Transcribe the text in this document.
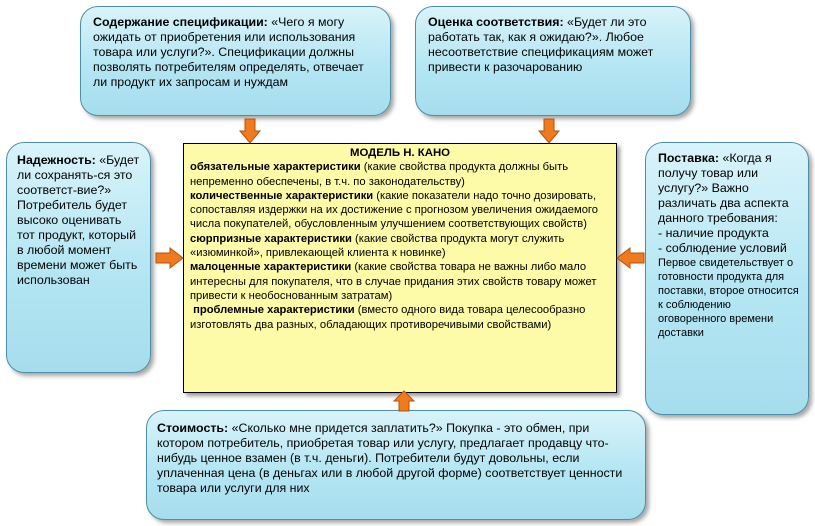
Содержание спецификации: «Чего я могу ожидать от приобретения или использования товара или услуги?». Спецификации должны позволять потребителям определять, отвечает ли продукт их запросам и нуждам
Оценка соответствия: «Будет ли это работать так, как я ожидаю?». Любое несоответствие спецификациям может привести к разочарованию
Надежность: «Будет ли сохранять-ся это соответст-вие?» Потребитель будет высоко оценивать тот продукт, который в любой момент времени может быть использован
Поставка: «Когда я получу товар или услугу?» Важно различать два аспекта данного требования:
- наличие продукта
- соблюдение условий
Первое свидетельствует о готовности продукта для поставки, второе относится к соблюдению оговоренного времени доставки
Стоимость: «Сколько мне придется заплатить?» Покупка - это обмен, при котором потребитель, приобретая товар или услугу, предлагает продавцу что-нибудь ценное взамен (в т.ч. деньги). Потребители будут довольны, если уплаченная цена (в деньгах или в любой другой форме) соответствует ценности товара или услуги для них
МОДЕЛЬ Н. КАНО
обязательные характеристики (какие свойства продукта должны быть непременно обеспечены, в т.ч. по законодательству)
количественные характеристики (какие показатели надо точно дозировать, сопоставляя издержки на их достижение с прогнозом увеличения ожидаемого числа покупателей, обусловленным улучшением соответствующих свойств)
сюрпризные характеристики (какие свойства продукта могут служить «изюминкой», привлекающей клиента к новинке)
малоценные характеристики (какие свойства товара не важны либо мало интересны для покупателя, что в случае придания этих свойств товару может привести к необоснованным затратам)
проблемные характеристики (вместо одного вида товара целесообразно изготовлять два разных, обладающих противоречивыми свойствами)
